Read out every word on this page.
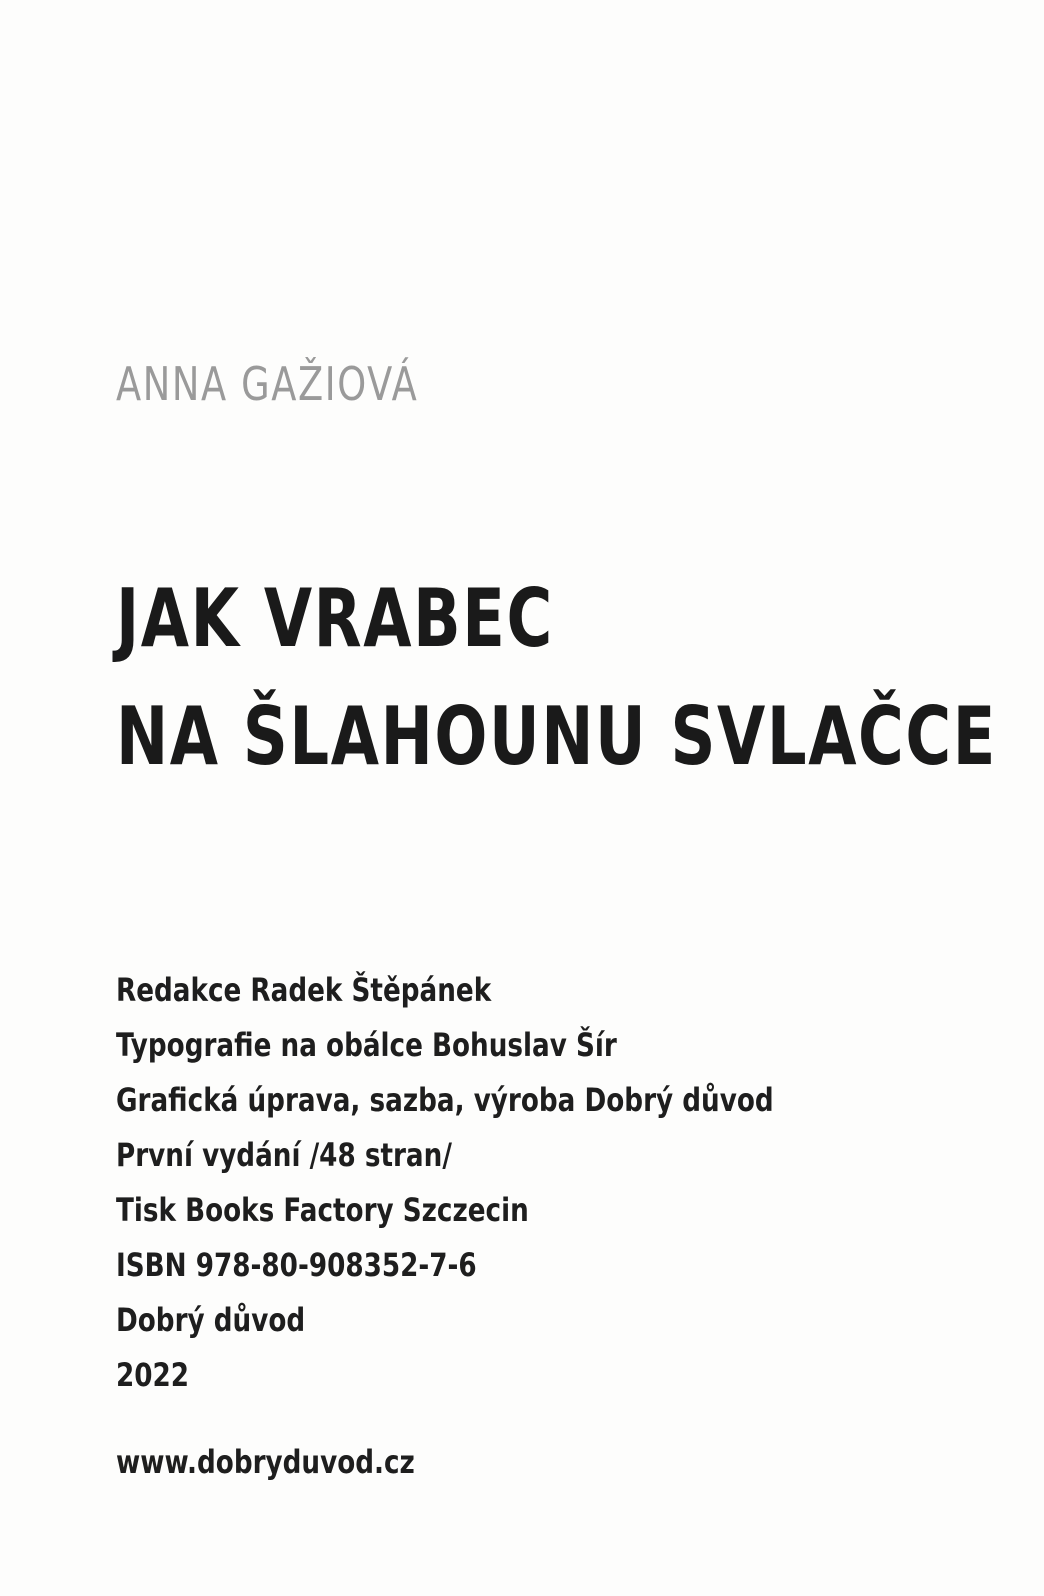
ANNA GAŽIOVÁ
JAK VRABEC
NA ŠLAHOUNU SVLAČCE
Redakce Radek Štěpánek
Typografie na obálce Bohuslav Šír
Grafická úprava, sazba, výroba Dobrý důvod
První vydání /48 stran/
Tisk Books Factory Szczecin
ISBN 978-80-908352-7-6
Dobrý důvod
2022
www.dobryduvod.cz
